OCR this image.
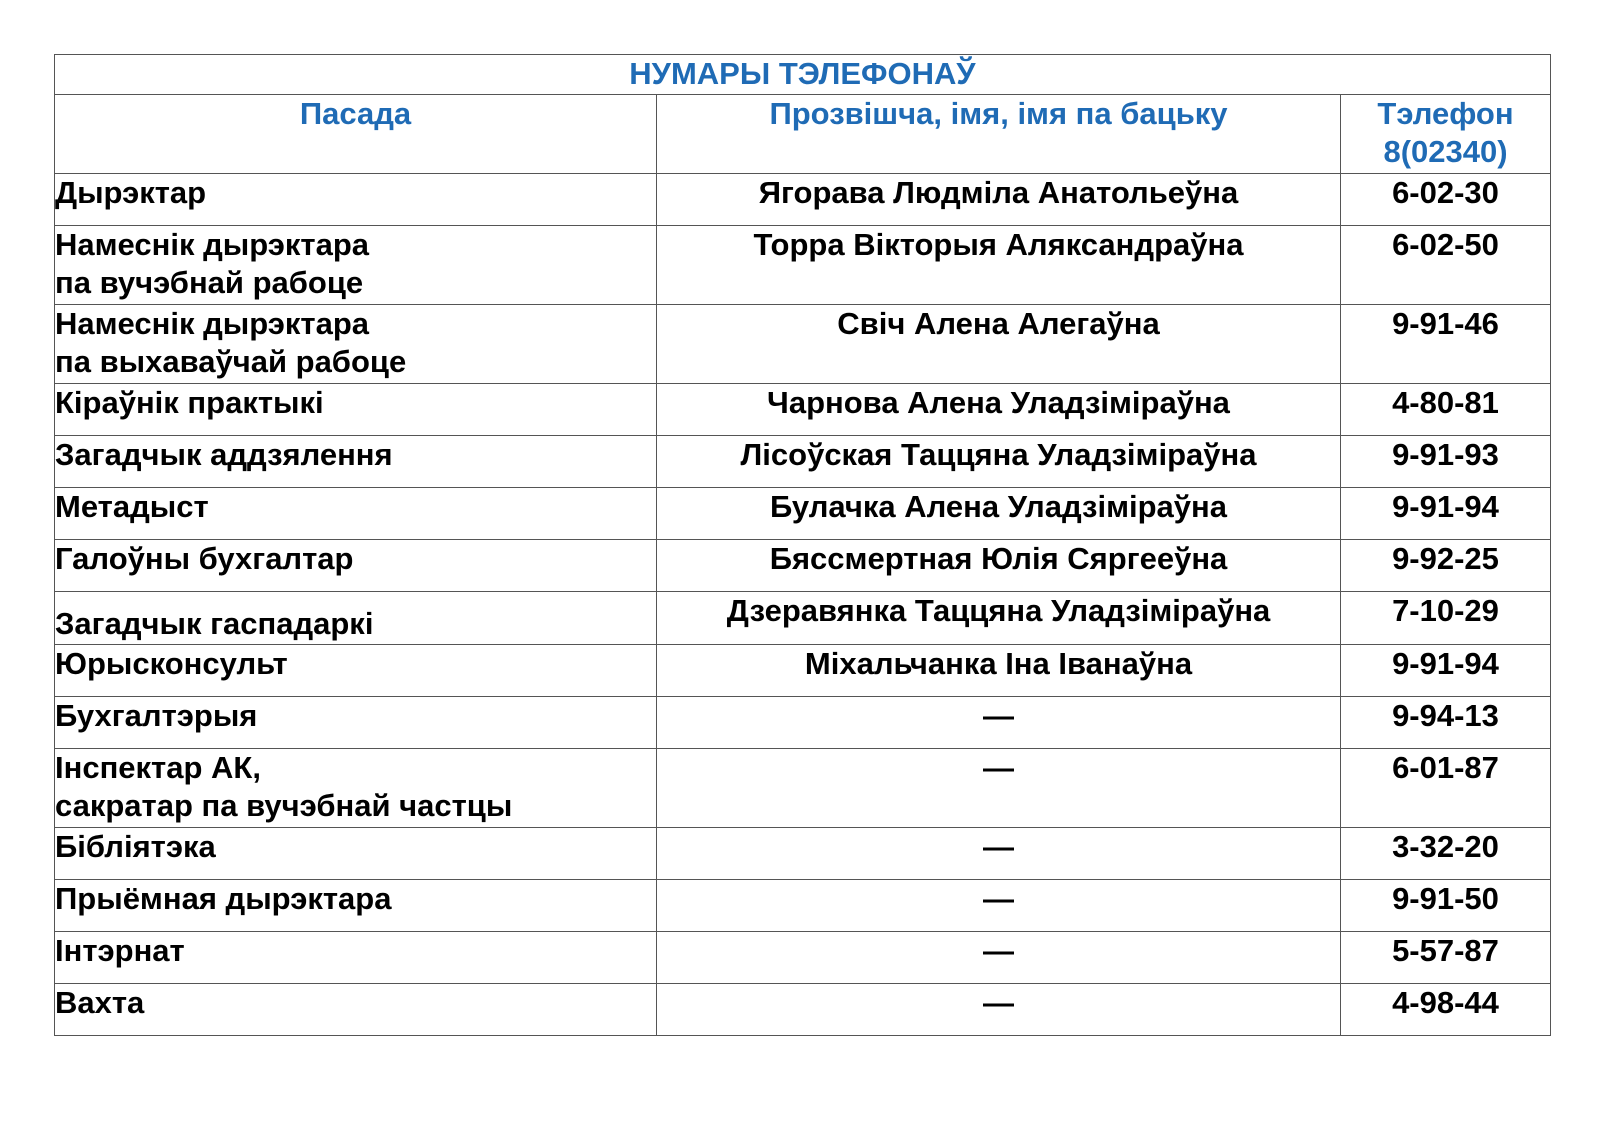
НУМАРЫ ТЭЛЕФОНАЎ		
Пасада	Прозвішча, імя, імя па бацьку	Тэлефон
8(02340)

Дырэктар	Ягорава Людміла Анатольеўна	6-02-30

Намеснік дырэктара
па вучэбнай рабоце	Торра Вікторыя Аляксандраўна	6-02-50

Намеснік дырэктара
па выхаваўчай рабоце	Свіч Алена Алегаўна	9-91-46

Кіраўнік практыкі	Чарнова Алена Уладзіміраўна	4-80-81

Загадчык аддзялення	Лісоўская Таццяна Уладзіміраўна	9-91-93

Метадыст	Булачка Алена Уладзіміраўна	9-91-94

Галоўны бухгалтар	Бяссмертная Юлія Сяргееўна	9-92-25

Загадчык гаспадаркі	Дзеравянка Таццяна Уладзіміраўна	7-10-29

Юрысконсульт	Міхальчанка Іна Іванаўна	9-91-94

Бухгалтэрыя	—	9-94-13

Інспектар АК,
сакратар па вучэбнай частцы	—	6-01-87

Бібліятэка	—	3-32-20

Прыёмная дырэктара	—	9-91-50

Інтэрнат	—	5-57-87

Вахта	—	4-98-44
